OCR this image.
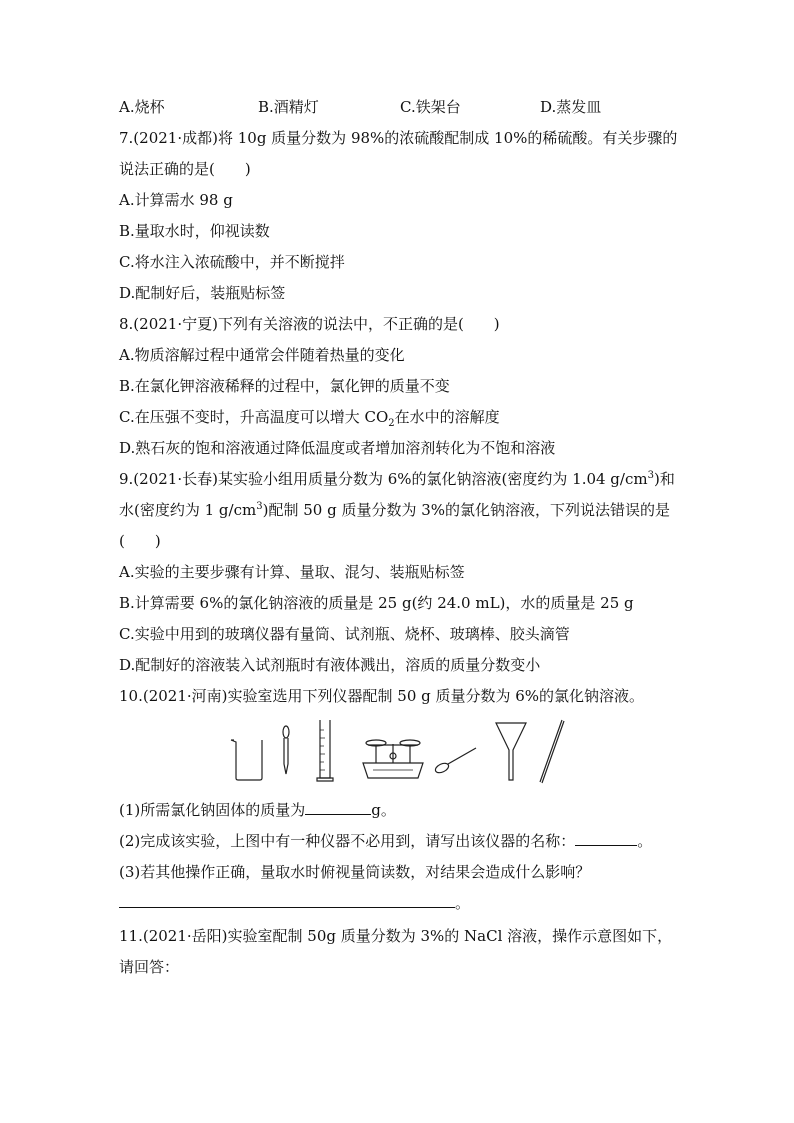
A.烧杯	B.酒精灯	C.铁架台	D.蒸发皿
7.(2021·成都)将 10g 质量分数为 98%的浓硫酸配制成 10%的稀硫酸。有关步骤的
说法正确的是(　　)
A.计算需水 98 g
B.量取水时，仰视读数
C.将水注入浓硫酸中，并不断搅拌
D.配制好后，装瓶贴标签
8.(2021·宁夏)下列有关溶液的说法中，不正确的是(　　)
A.物质溶解过程中通常会伴随着热量的变化
B.在氯化钾溶液稀释的过程中，氯化钾的质量不变
C.在压强不变时，升高温度可以增大 $CO_2$在水中的溶解度
D.熟石灰的饱和溶液通过降低温度或者增加溶剂转化为不饱和溶液
9.(2021·长春)某实验小组用质量分数为 6%的氯化钠溶液(密度约为 1.04 $g/cm^3$)和
水(密度约为 1 $g/cm^3$)配制 50 g 质量分数为 3%的氯化钠溶液，下列说法错误的是
(　　)
A.实验的主要步骤有计算、量取、混匀、装瓶贴标签
B.计算需要 6%的氯化钠溶液的质量是 25 g(约 24.0 mL)，水的质量是 25 g
C.实验中用到的玻璃仪器有量筒、试剂瓶、烧杯、玻璃棒、胶头滴管
D.配制好的溶液装入试剂瓶时有液体溅出，溶质的质量分数变小
10.(2021·河南)实验室选用下列仪器配制 50 g 质量分数为 6%的氯化钠溶液。
(1)所需氯化钠固体的质量为	g。
(2)完成该实验，上图中有一种仪器不必用到，请写出该仪器的名称：	。
(3)若其他操作正确，量取水时俯视量筒读数，对结果会造成什么影响？
。
11.(2021·岳阳)实验室配制 50g 质量分数为 3%的 NaCl 溶液，操作示意图如下，
请回答：
